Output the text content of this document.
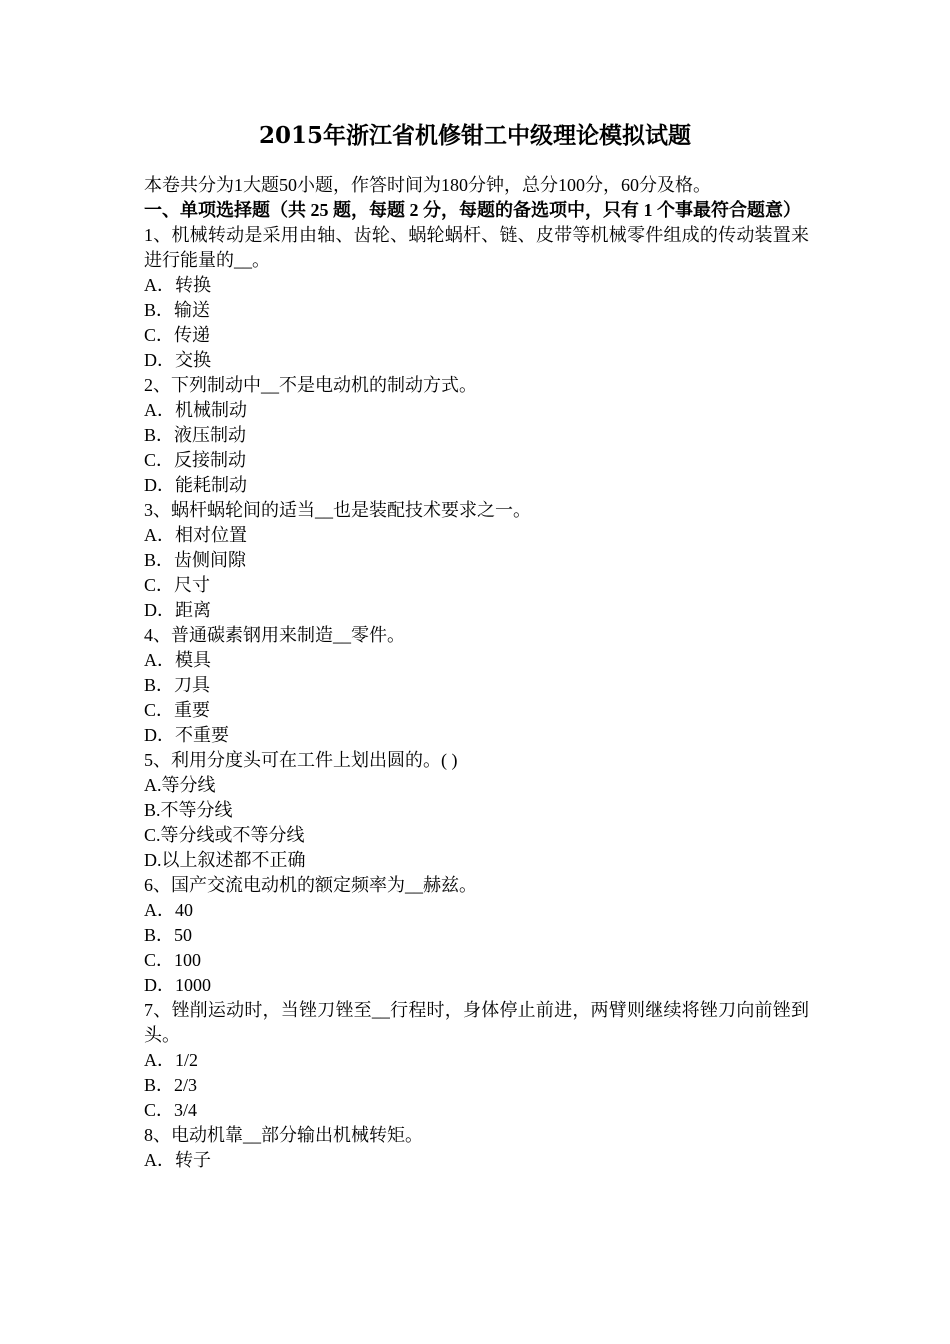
2015年浙江省机修钳工中级理论模拟试题
本卷共分为1大题50小题，作答时间为180分钟，总分100分，60分及格。
一、单项选择题（共 25 题，每题 2 分，每题的备选项中，只有 1 个事最符合题意）
1、机械转动是采用由轴、齿轮、蜗轮蜗杆、链、皮带等机械零件组成的传动装置来进行能量的__。
A．转换
B．输送
C．传递
D．交换
2、下列制动中__不是电动机的制动方式。
A．机械制动
B．液压制动
C．反接制动
D．能耗制动
3、蜗杆蜗轮间的适当__也是装配技术要求之一。
A．相对位置
B．齿侧间隙
C．尺寸
D．距离
4、普通碳素钢用来制造__零件。
A．模具
B．刀具
C．重要
D．不重要
5、利用分度头可在工件上划出圆的。( )
A.等分线
B.不等分线
C.等分线或不等分线
D.以上叙述都不正确
6、国产交流电动机的额定频率为__赫兹。
A．40
B．50
C．100
D．1000
7、锉削运动时，当锉刀锉至__行程时，身体停止前进，两臂则继续将锉刀向前锉到头。
A．1/2
B．2/3
C．3/4
8、电动机靠__部分输出机械转矩。
A．转子
